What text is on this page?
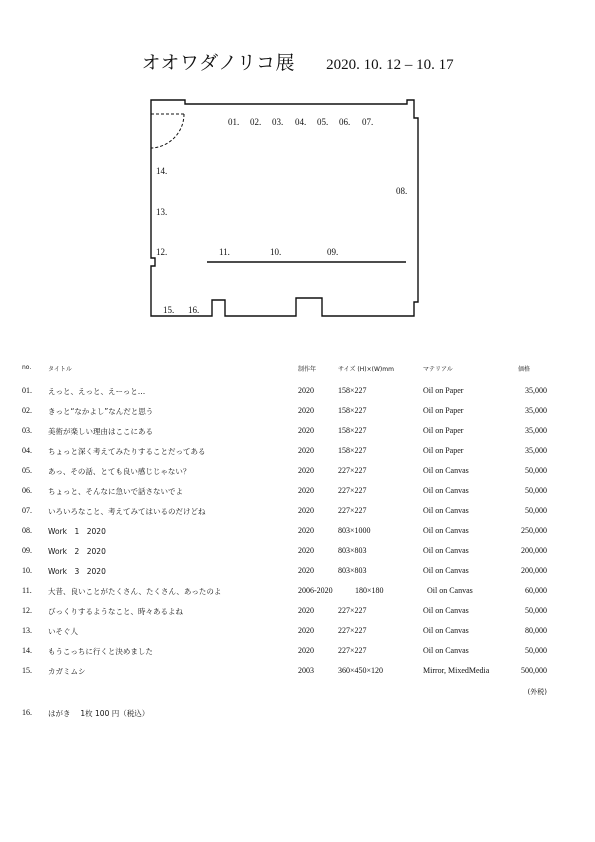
オオワダノリコ展 2020. 10. 12 – 10. 17
01. 02. 03. 04. 05. 06. 07.
08.
09.
10.
11.
12.
13.
14.
15. 16.
no.	タイトル	制作年	サイズ (H)×(W)mm	マテリアル	価格
01. えっと、えっと、えーっと…	2020	158×227	Oil on Paper	35,000
02. きっと“なかよし”なんだと思う	2020	158×227	Oil on Paper	35,000
03. 美術が楽しい理由はここにある	2020	158×227	Oil on Paper	35,000
04. ちょっと深く考えてみたりすることだってある	2020	158×227	Oil on Paper	35,000
05. あっ、その話、とても良い感じじゃない？	2020	227×227	Oil on Canvas	50,000
06. ちょっと、そんなに急いで話さないでよ	2020	227×227	Oil on Canvas	50,000
07. いろいろなこと、考えてみてはいるのだけどね	2020	227×227	Oil on Canvas	50,000
08. Work　1　2020	2020	803×1000	Oil on Canvas	250,000
09. Work　2　2020	2020	803×803	Oil on Canvas	200,000
10. Work　3　2020	2020	803×803	Oil on Canvas	200,000
11. 大昔、良いことがたくさん、たくさん、あったのよ	2006-2020	180×180	Oil on Canvas	60,000
12. びっくりするようなこと、時々あるよね	2020	227×227	Oil on Canvas	50,000
13. いそぐ人	2020	227×227	Oil on Canvas	80,000
14. もうこっちに行くと決めました	2020	227×227	Oil on Canvas	50,000
15. カガミムシ	2003	360×450×120	Mirror, MixedMedia	500,000
(外税)
16. はがき　 1枚 100 円（税込）
